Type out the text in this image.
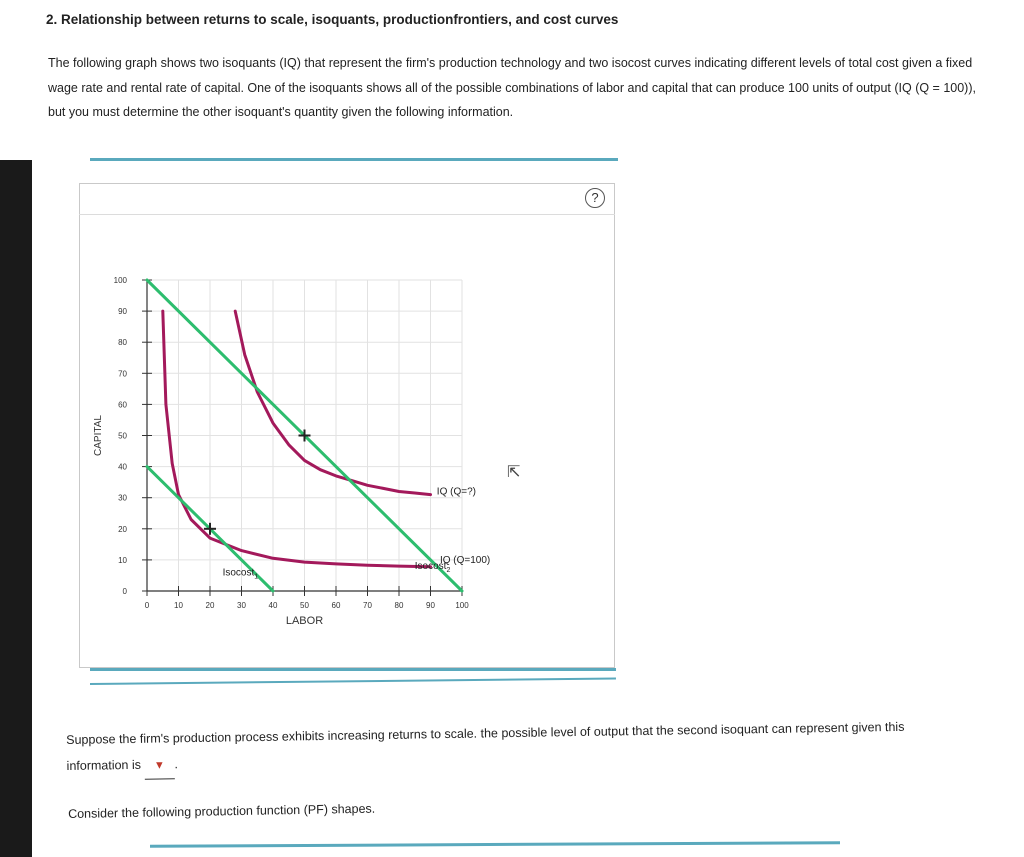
2. Relationship between returns to scale, isoquants, productionfrontiers, and cost curves
The following graph shows two isoquants (IQ) that represent the firm's production technology and two isocost curves indicating different levels of total cost given a fixed wage rate and rental rate of capital. One of the isoquants shows all of the possible combinations of labor and capital that can produce 100 units of output (IQ (Q = 100)), but you must determine the other isoquant's quantity given the following information.
?
0	10	20	30	40	50	60	70	80	90	100
0
10
20
30
40
50
60
70
80
90
100
LABOR
CAPITAL
IQ (Q=?)
IQ (Q=100)
Isocost$_1$
Isocost$_2$
⇱
Suppose the firm's production process exhibits increasing returns to scale. the possible level of output that the second isoquant can represent given this information is ▼ .
Consider the following production function (PF) shapes.
